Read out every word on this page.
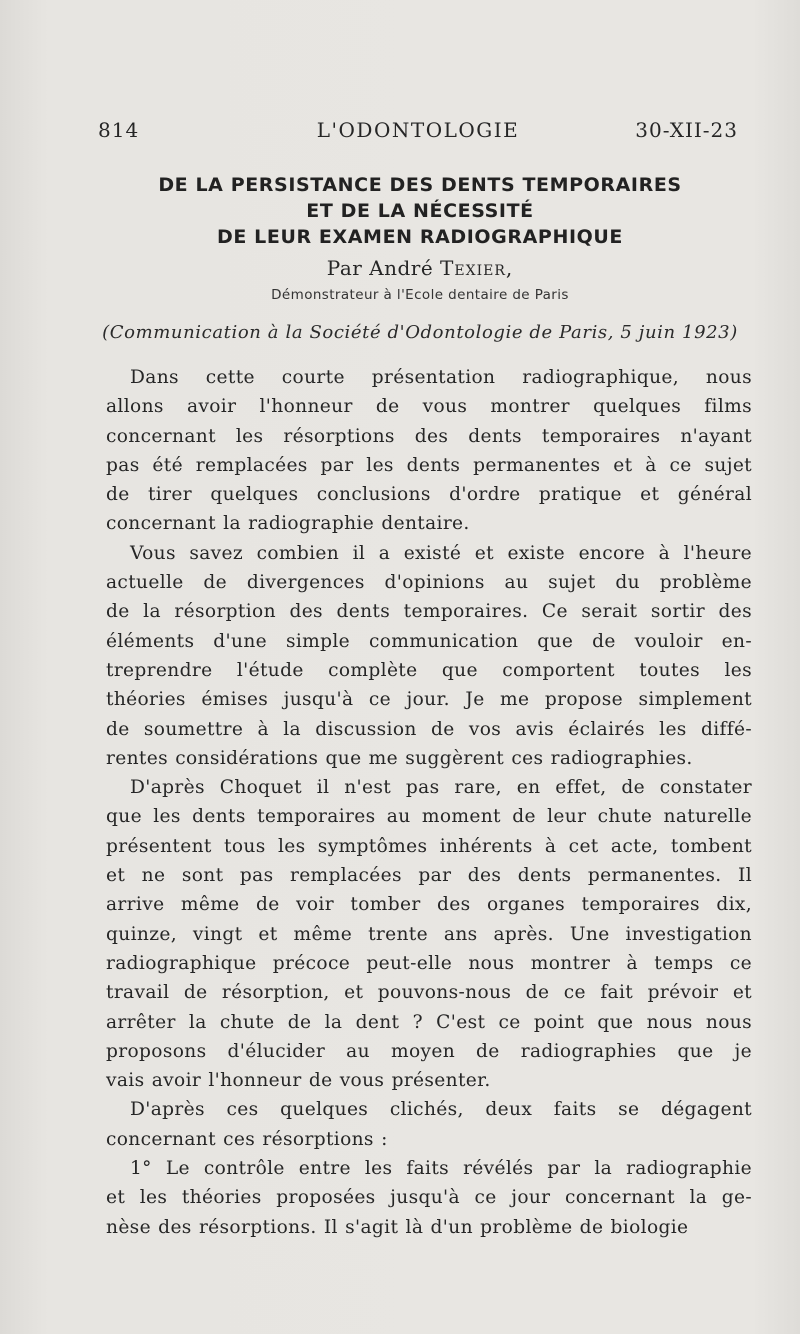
814	L'ODONTOLOGIE	30-XII-23
DE LA PERSISTANCE DES DENTS TEMPORAIRES
ET DE LA NÉCESSITÉ
DE LEUR EXAMEN RADIOGRAPHIQUE
Par André Texier,
Démonstrateur à l'Ecole dentaire de Paris
(Communication à la Société d'Odontologie de Paris, 5 juin 1923)
Dans cette courte présentation radiographique, nous
allons avoir l'honneur de vous montrer quelques films
concernant les résorptions des dents temporaires n'ayant
pas été remplacées par les dents permanentes et à ce sujet
de tirer quelques conclusions d'ordre pratique et général
concernant la radiographie dentaire.
Vous savez combien il a existé et existe encore à l'heure
actuelle de divergences d'opinions au sujet du problème
de la résorption des dents temporaires. Ce serait sortir des
éléments d'une simple communication que de vouloir en-
treprendre l'étude complète que comportent toutes les
théories émises jusqu'à ce jour. Je me propose simplement
de soumettre à la discussion de vos avis éclairés les diffé-
rentes considérations que me suggèrent ces radiographies.
D'après Choquet il n'est pas rare, en effet, de constater
que les dents temporaires au moment de leur chute naturelle
présentent tous les symptômes inhérents à cet acte, tombent
et ne sont pas remplacées par des dents permanentes. Il
arrive même de voir tomber des organes temporaires dix,
quinze, vingt et même trente ans après. Une investigation
radiographique précoce peut-elle nous montrer à temps ce
travail de résorption, et pouvons-nous de ce fait prévoir et
arrêter la chute de la dent ? C'est ce point que nous nous
proposons d'élucider au moyen de radiographies que je
vais avoir l'honneur de vous présenter.
D'après ces quelques clichés, deux faits se dégagent
concernant ces résorptions :
1° Le contrôle entre les faits révélés par la radiographie
et les théories proposées jusqu'à ce jour concernant la ge-
nèse des résorptions. Il s'agit là d'un problème de biologie
